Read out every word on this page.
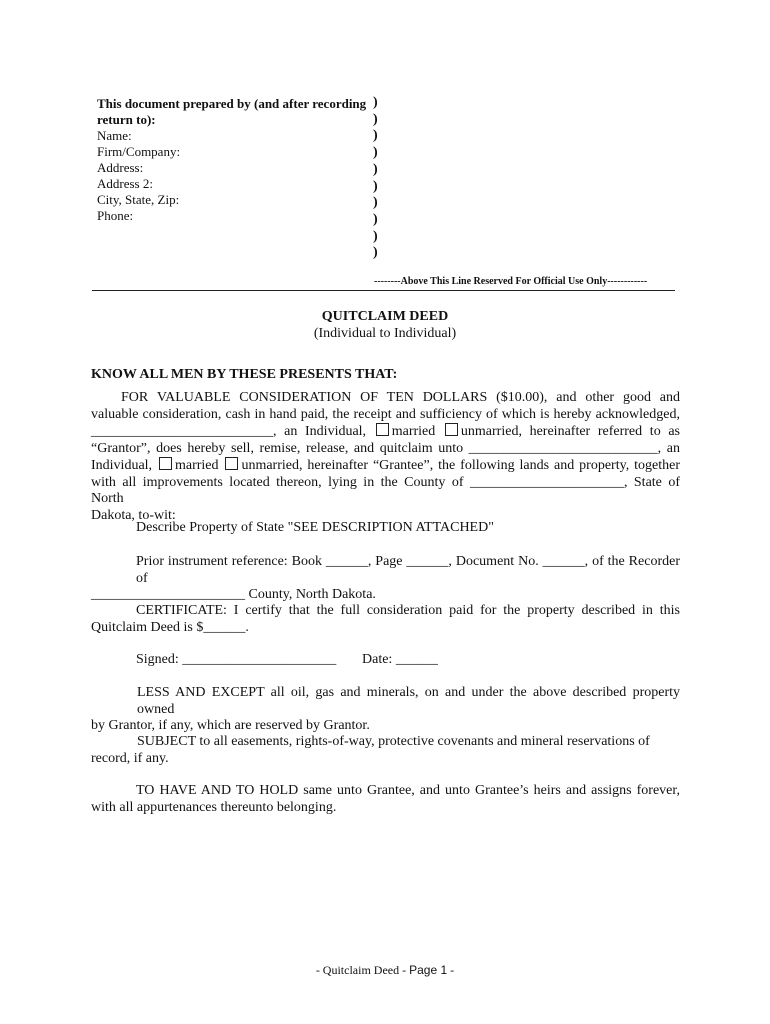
This document prepared by (and after recording
return to):
Name:
Firm/Company:
Address:
Address 2:
City, State, Zip:
Phone:
)
)
)
)
)
)
)
)
)
)
--------Above This Line Reserved For Official Use Only------------
QUITCLAIM DEED
(Individual to Individual)
KNOW ALL MEN BY THESE PRESENTS THAT:
FOR VALUABLE CONSIDERATION OF TEN DOLLARS ($10.00), and other good and
valuable consideration, cash in hand paid, the receipt and sufficiency of which is hereby acknowledged,
__________________________, an Individual, married unmarried, hereinafter referred to as
“Grantor”, does hereby sell, remise, release, and quitclaim unto ___________________________, an
Individual, married unmarried, hereinafter “Grantee”, the following lands and property, together
with all improvements located thereon, lying in the County of ______________________, State of North
Dakota, to-wit:
Describe Property of State "SEE DESCRIPTION ATTACHED"
Prior instrument reference: Book ______, Page ______, Document No. ______, of the Recorder of
______________________ County, North Dakota.
CERTIFICATE: I certify that the full consideration paid for the property described in this
Quitclaim Deed is $______.
Signed: ______________________ Date: ______
LESS AND EXCEPT all oil, gas and minerals, on and under the above described property owned
by Grantor, if any, which are reserved by Grantor.
SUBJECT to all easements, rights-of-way, protective covenants and mineral reservations of
record, if any.
TO HAVE AND TO HOLD same unto Grantee, and unto Grantee’s heirs and assigns forever,
with all appurtenances thereunto belonging.
- Quitclaim Deed - Page 1 -
